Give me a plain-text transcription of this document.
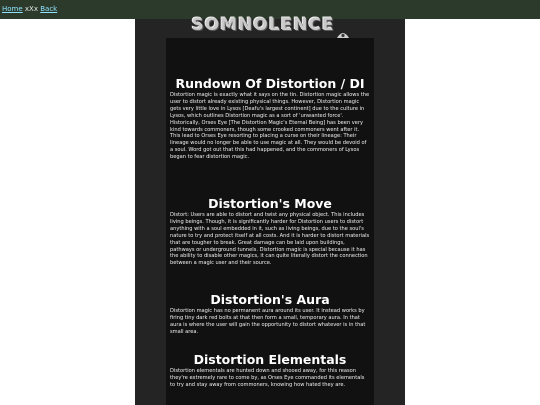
Home xXx Back
SOMNOLENCE
Rundown Of Distortion / DI

Distortion magic is exactly what it says on the tin. Distortion magic allows the user to distort already existing physical things. However, Distortion magic gets very little love in Lysos [Deafu's largest continent] due to the culture in Lysos, which outlines Distortion magic as a sort of 'unwanted force'. Historically, Orses Eye [The Distortion Magic's Eternal Being] has been very kind towards commoners, though some crooked commoners went after it. This lead to Orses Eye resorting to placing a curse on their lineage: Their lineage would no longer be able to use magic at all. They would be devoid of a soul. Word got out that this had happened, and the commoners of Lysos began to fear distortion magic.

Distortion's Move

Distort: Users are able to distort and twist any physical object. This includes living beings. Though, it is significantly harder for Distortion users to distort anything with a soul embedded in it, such as living beings, due to the soul's nature to try and protect itself at all costs. And it is harder to distort materials that are tougher to break. Great damage can be laid upon buildings, pathways or underground tunnels. Distortion magic is special because it has the ability to disable other magics, it can quite literally distort the connection between a magic user and their source.

Distortion's Aura

Distortion magic has no permanent aura around its user. It instead works by firing tiny dark red bolts at that then form a small, temporary aura. In that aura is where the user will gain the opportunity to distort whatever is in that small area.

Distortion Elementals

Distortion elementals are hunted down and shooed away, for this reason they're extremely rare to come by, as Orses Eye commanded its elementals to try and stay away from commoners, knowing how hated they are.
